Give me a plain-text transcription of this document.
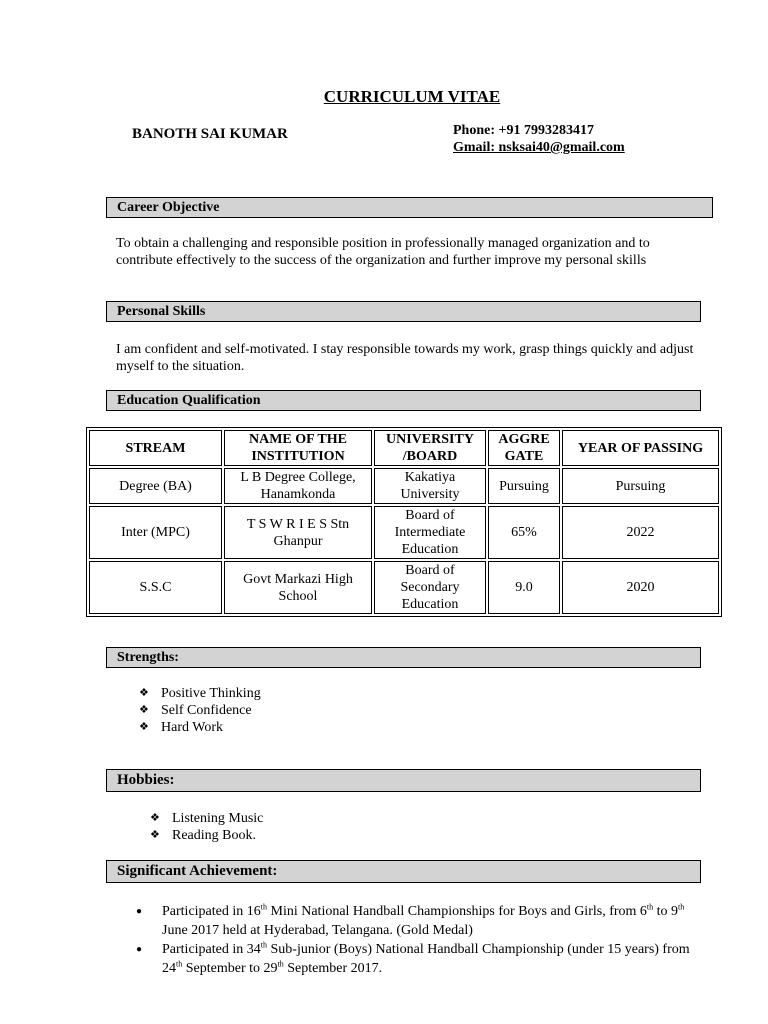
CURRICULUM VITAE
BANOTH SAI KUMAR	Phone: +91 7993283417
Gmail: nsksai40@gmail.com
Career Objective
To obtain a challenging and responsible position in professionally managed organization and to contribute effectively to the success of the organization and further improve my personal skills
Personal Skills
I am confident and self-motivated. I stay responsible towards my work, grasp things quickly and adjust myself to the situation.
Education Qualification
STREAM	NAME OF THE INSTITUTION	UNIVERSITY /BOARD	AGGRE GATE	YEAR OF PASSING
Degree (BA)	L B Degree College, Hanamkonda	Kakatiya University	Pursuing	Pursuing
Inter (MPC)	T S W R I E S Stn Ghanpur	Board of Intermediate Education	65%	2022
S.S.C	Govt Markazi High School	Board of Secondary Education	9.0	2020
Strengths:
❖ Positive Thinking
❖ Self Confidence
❖ Hard Work
Hobbies:
❖ Listening Music
❖ Reading Book.
Significant Achievement:
●	Participated in 16th Mini National Handball Championships for Boys and Girls, from 6th to 9th June 2017 held at Hyderabad, Telangana. (Gold Medal)
●	Participated in 34th Sub-junior (Boys) National Handball Championship (under 15 years) from 24th September to 29th September 2017.
